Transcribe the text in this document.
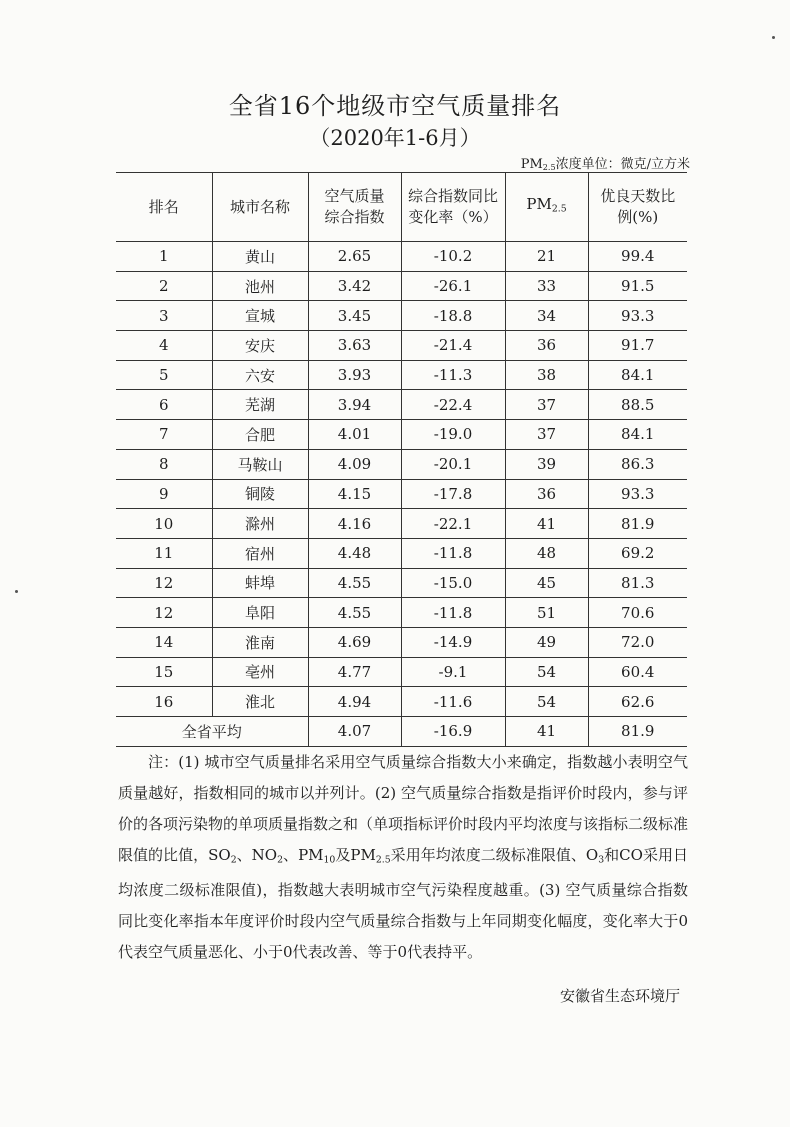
全省16个地级市空气质量排名
（2020年1-6月）
$PM_{2.5}$浓度单位：微克/立方米
排名	城市名称	空气质量综合指数	综合指数同比变化率（%）	$PM_{2.5}$	优良天数比例(%)

1	黄山	2.65	-10.2	21	99.4
2	池州	3.42	-26.1	33	91.5
3	宣城	3.45	-18.8	34	93.3
4	安庆	3.63	-21.4	36	91.7
5	六安	3.93	-11.3	38	84.1
6	芜湖	3.94	-22.4	37	88.5
7	合肥	4.01	-19.0	37	84.1
8	马鞍山	4.09	-20.1	39	86.3
9	铜陵	4.15	-17.8	36	93.3
10	滁州	4.16	-22.1	41	81.9
11	宿州	4.48	-11.8	48	69.2
12	蚌埠	4.55	-15.0	45	81.3
12	阜阳	4.55	-11.8	51	70.6
14	淮南	4.69	-14.9	49	72.0
15	亳州	4.77	-9.1	54	60.4
16	淮北	4.94	-11.6	54	62.6
全省平均		4.07	-16.9	41	81.9
注：(1) 城市空气质量排名采用空气质量综合指数大小来确定，指数越小表明空气质量越好，指数相同的城市以并列计。(2) 空气质量综合指数是指评价时段内，参与评价的各项污染物的单项质量指数之和（单项指标评价时段内平均浓度与该指标二级标准限值的比值，$SO_2$、$NO_2$、$PM_{10}$及$PM_{2.5}$采用年均浓度二级标准限值、$O_3$和CO采用日均浓度二级标准限值)，指数越大表明城市空气污染程度越重。(3) 空气质量综合指数同比变化率指本年度评价时段内空气质量综合指数与上年同期变化幅度，变化率大于0代表空气质量恶化、小于0代表改善、等于0代表持平。
安徽省生态环境厅
